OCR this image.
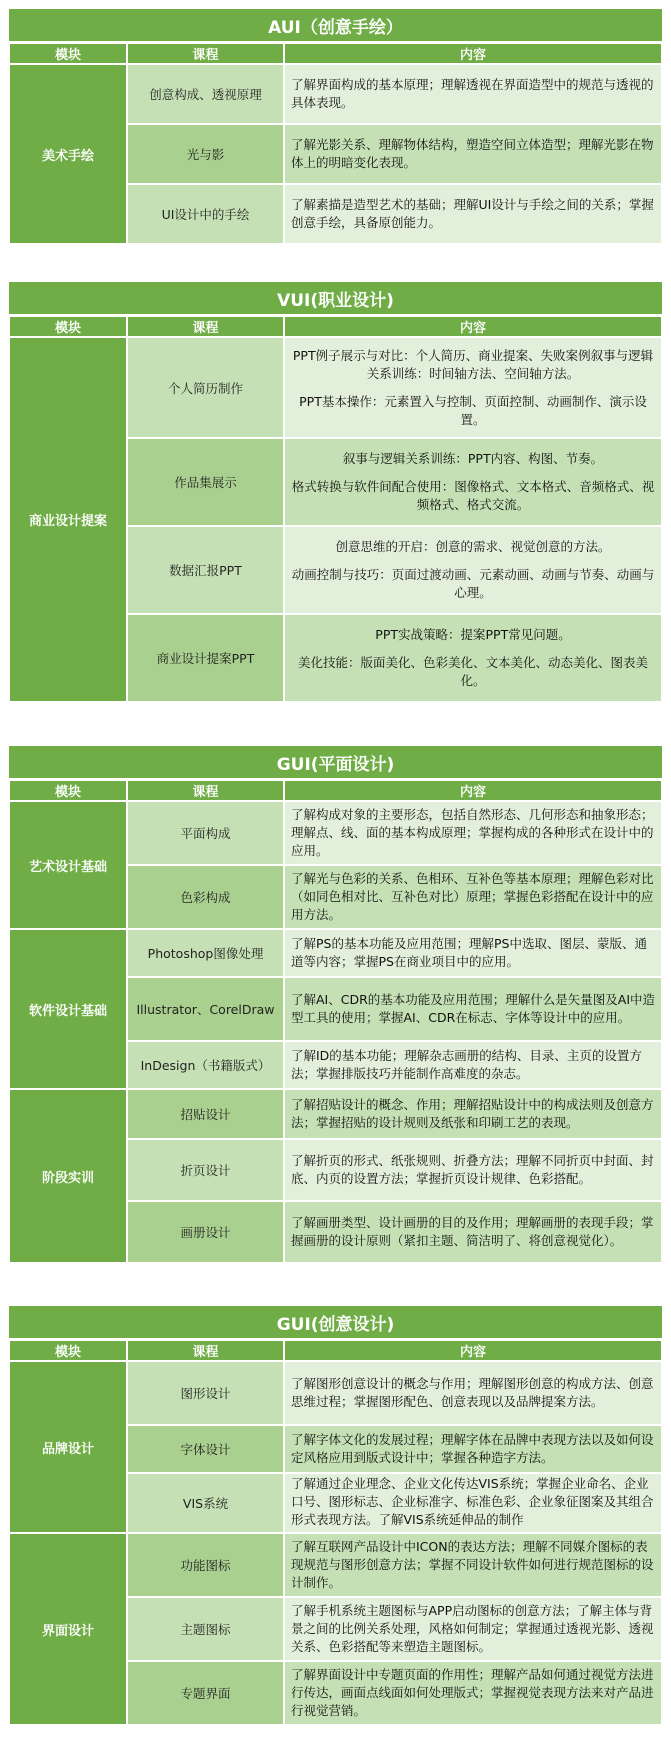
AUI（创意手绘）
模块	课程	内容
美术手绘	创意构成、透视原理	了解界面构成的基本原理；理解透视在界面造型中的规范与透视的具体表现。
	光与影	了解光影关系、理解物体结构，塑造空间立体造型；理解光影在物体上的明暗变化表现。
	UI设计中的手绘	了解素描是造型艺术的基础；理解UI设计与手绘之间的关系；掌握创意手绘，具备原创能力。
VUI(职业设计)
模块	课程	内容
商业设计提案	个人简历制作	PPT例子展示与对比：个人简历、商业提案、失败案例叙事与逻辑关系训练：时间轴方法、空间轴方法。
PPT基本操作：元素置入与控制、页面控制、动画制作、演示设置。

	作品集展示	叙事与逻辑关系训练：PPT内容、构图、节奏。
格式转换与软件间配合使用：图像格式、文本格式、音频格式、视频格式、格式交流。

	数据汇报PPT	创意思维的开启：创意的需求、视觉创意的方法。
动画控制与技巧：页面过渡动画、元素动画、动画与节奏、动画与心理。

	商业设计提案PPT	PPT实战策略：提案PPT常见问题。
美化技能：版面美化、色彩美化、文本美化、动态美化、图表美化。
GUI(平面设计)
模块	课程	内容
艺术设计基础	平面构成	了解构成对象的主要形态，包括自然形态、几何形态和抽象形态；理解点、线、面的基本构成原理；掌握构成的各种形式在设计中的应用。
	色彩构成	了解光与色彩的关系、色相环、互补色等基本原理；理解色彩对比（如同色相对比、互补色对比）原理；掌握色彩搭配在设计中的应用方法。
软件设计基础	Photoshop图像处理	了解PS的基本功能及应用范围；理解PS中选取、图层、蒙版、通道等内容；掌握PS在商业项目中的应用。
	Illustrator、CorelDraw	了解AI、CDR的基本功能及应用范围；理解什么是矢量图及AI中造型工具的使用；掌握AI、CDR在标志、字体等设计中的应用。
	InDesign（书籍版式）	了解ID的基本功能；理解杂志画册的结构、目录、主页的设置方法；掌握排版技巧并能制作高难度的杂志。
阶段实训	招贴设计	了解招贴设计的概念、作用；理解招贴设计中的构成法则及创意方法；掌握招贴的设计规则及纸张和印刷工艺的表现。

	折页设计	了解折页的形式、纸张规则、折叠方法；理解不同折页中封面、封底、内页的设置方法；掌握折页设计规律、色彩搭配。
	画册设计	了解画册类型、设计画册的目的及作用；理解画册的表现手段；掌握画册的设计原则（紧扣主题、简洁明了、将创意视觉化）。
GUI(创意设计)
模块	课程	内容
品牌设计	图形设计	了解图形创意设计的概念与作用；理解图形创意的构成方法、创意思维过程；掌握图形配色、创意表现以及品牌提案方法。
	字体设计	了解字体文化的发展过程；理解字体在品牌中表现方法以及如何设定风格应用到版式设计中；掌握各种造字方法。
	VIS系统	了解通过企业理念、企业文化传达VIS系统；掌握企业命名、企业口号、图形标志、企业标准字、标准色彩、企业象征图案及其组合形式表现方法。了解VIS系统延伸品的制作

界面设计	功能图标	了解互联网产品设计中ICON的表达方法；理解不同媒介图标的表现规范与图形创意方法；掌握不同设计软件如何进行规范图标的设计制作。
	主题图标	了解手机系统主题图标与APP启动图标的创意方法；了解主体与背景之间的比例关系处理，风格如何制定；掌握通过透视光影、透视关系、色彩搭配等来塑造主题图标。
	专题界面	了解界面设计中专题页面的作用性；理解产品如何通过视觉方法进行传达，画面点线面如何处理版式；掌握视觉表现方法来对产品进行视觉营销。
